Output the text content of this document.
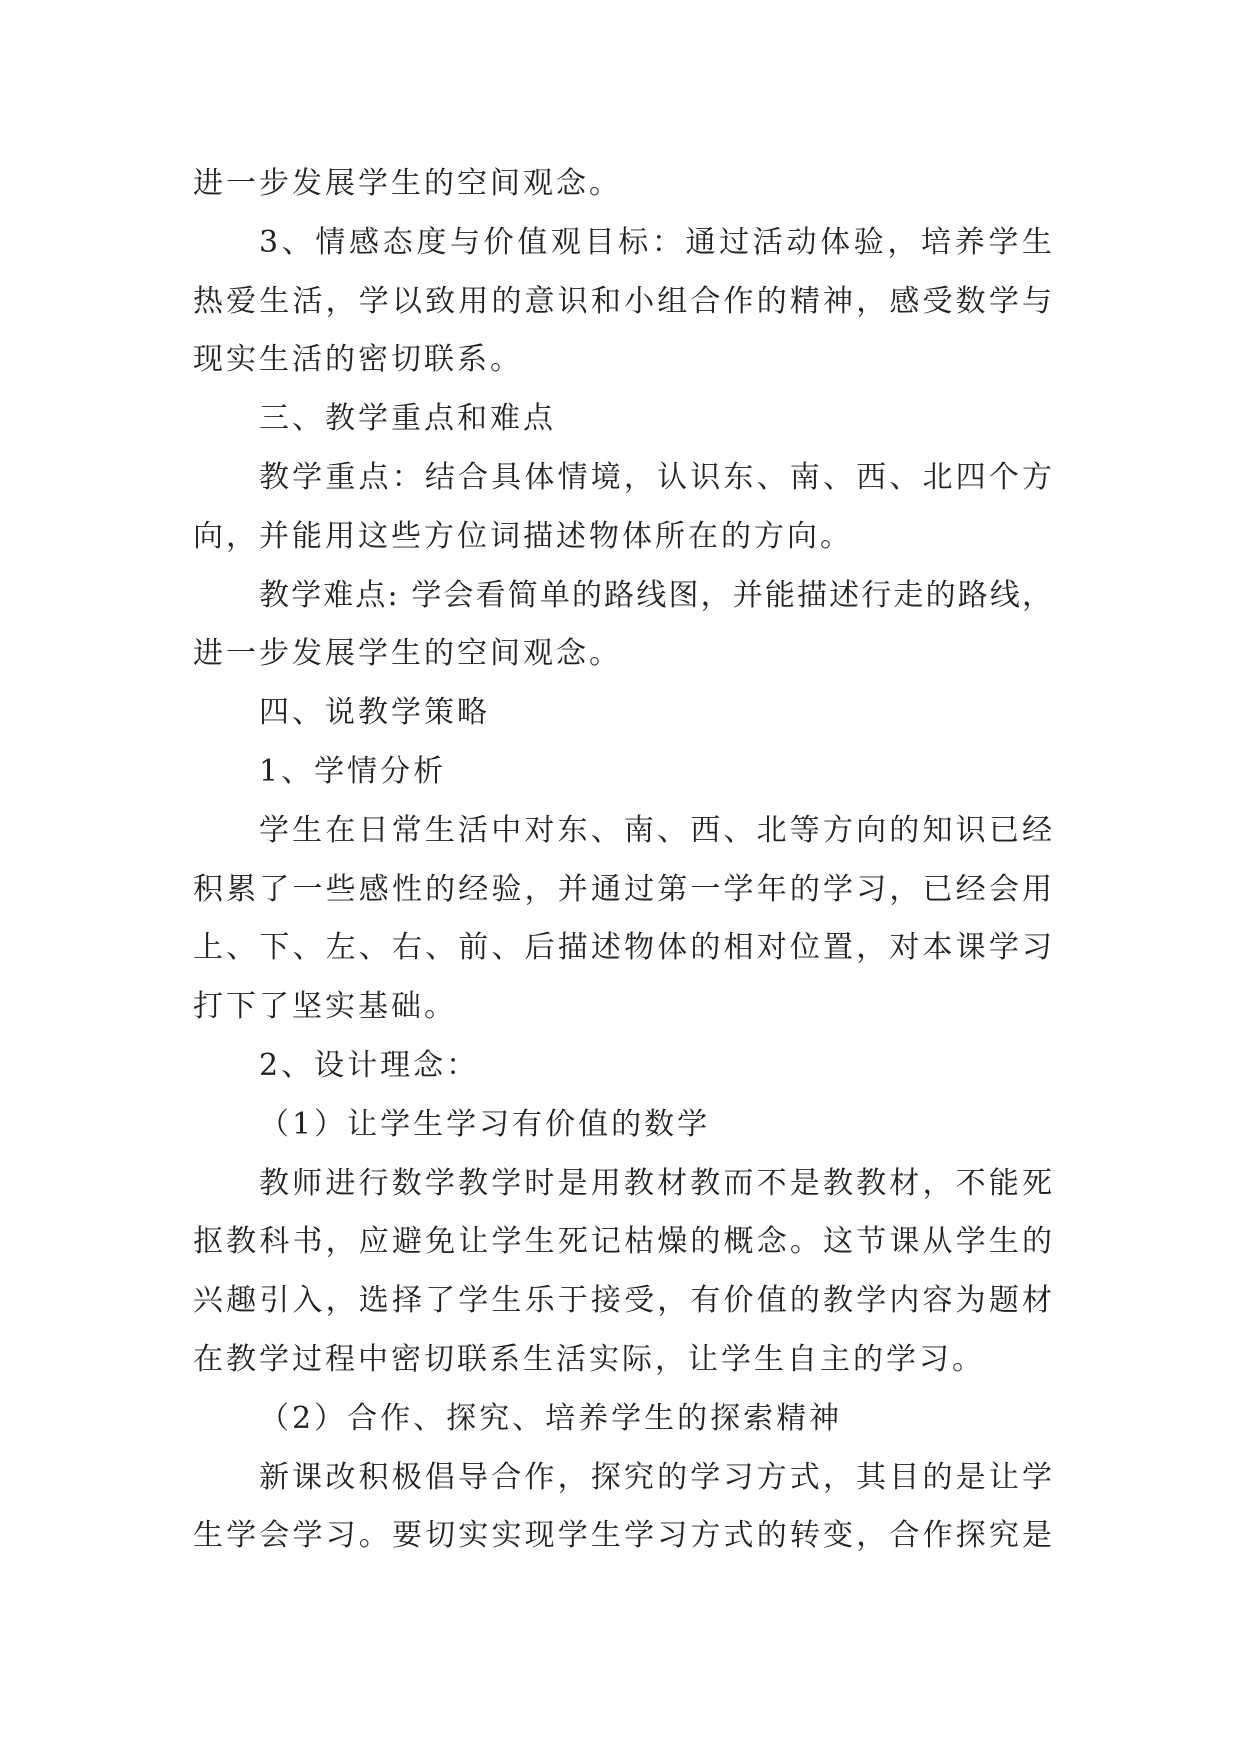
进一步发展学生的空间观念。
3、情感态度与价值观目标：通过活动体验，培养学生
热爱生活，学以致用的意识和小组合作的精神，感受数学与
现实生活的密切联系。
三、教学重点和难点
教学重点：结合具体情境，认识东、南、西、北四个方
向，并能用这些方位词描述物体所在的方向。
教学难点: 学会看简单的路线图，并能描述行走的路线，
进一步发展学生的空间观念。
四、说教学策略
1、学情分析
学生在日常生活中对东、南、西、北等方向的知识已经
积累了一些感性的经验，并通过第一学年的学习，已经会用
上、下、左、右、前、后描述物体的相对位置，对本课学习
打下了坚实基础。
2、设计理念：
（1）让学生学习有价值的数学
教师进行数学教学时是用教材教而不是教教材，不能死
抠教科书，应避免让学生死记枯燥的概念。这节课从学生的
兴趣引入，选择了学生乐于接受，有价值的教学内容为题材
在教学过程中密切联系生活实际，让学生自主的学习。
（2）合作、探究、培养学生的探索精神
新课改积极倡导合作，探究的学习方式，其目的是让学
生学会学习。要切实实现学生学习方式的转变，合作探究是
